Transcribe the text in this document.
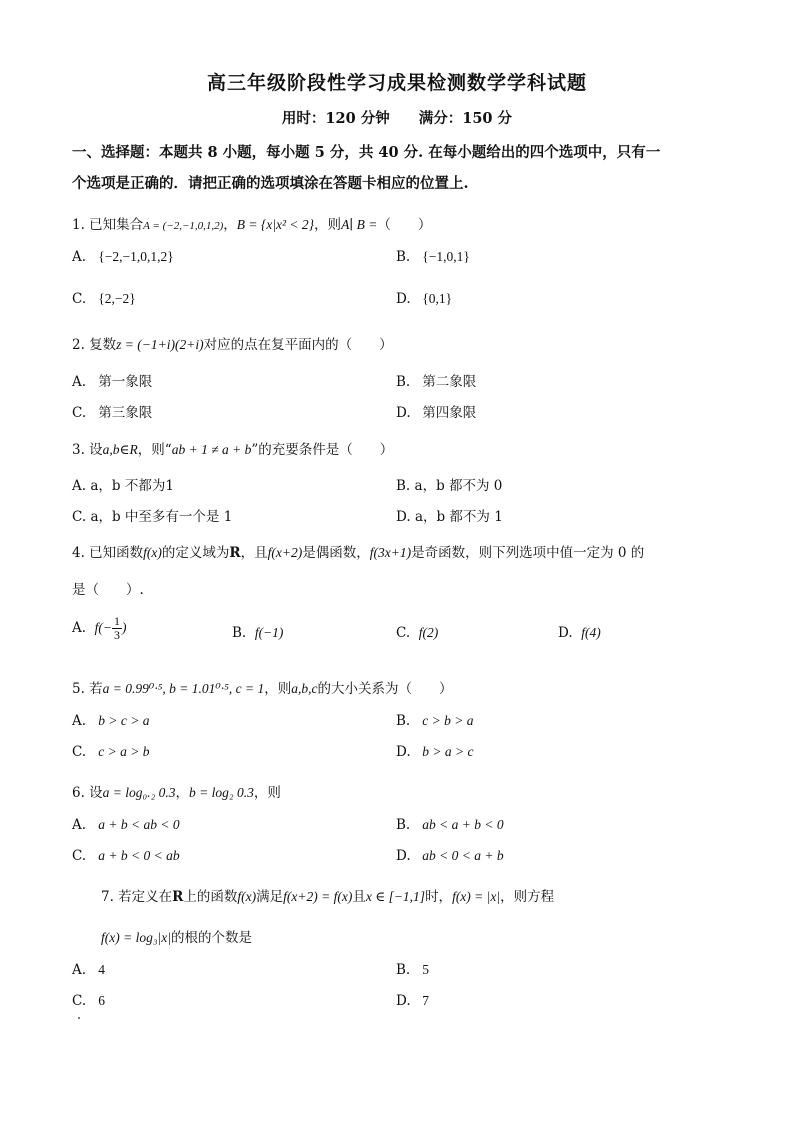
高三年级阶段性学习成果检测数学学科试题
用时：120 分钟　　满分：150 分
一、选择题：本题共 8 小题，每小题 5 分，共 40 分. 在每小题给出的四个选项中，只有一
个选项是正确的．请把正确的选项填涂在答题卡相应的位置上.
1. 已知集合A = (−2,−1,0,1,2)，B = {x|x² < 2}，则A∣ B =（　　）
A. {−2,−1,0,1,2}	B. {−1,0,1}
C. {2,−2}	D. {0,1}
2. 复数z = (−1+i)(2+i)对应的点在复平面内的（　　）
A. 第一象限	B. 第二象限
C. 第三象限	D. 第四象限
3. 设a,b∈R，则“ab + 1 ≠ a + b”的充要条件是（　　）
A. a，b 不都为1	B. a，b 都不为 0
C. a，b 中至多有一个是 1	D. a，b 都不为 1
4. 已知函数f(x)的定义域为R，且f(x+2)是偶函数，f(3x+1)是奇函数，则下列选项中值一定为 0 的
是（　　）.
A. $f(- \frac{1}{3}$ )	B. f(−1)	C. f(2)	D. f(4)
5. 若a = 0.99⁰·⁵, b = 1.01⁰·⁵, c = 1，则a,b,c的大小关系为（　　）
A. b > c > a	B. c > b > a
C. c > a > b	D. b > a > c
6. 设a = log₀.₂ 0.3，b = log₂ 0.3，则
A. a + b < ab < 0	B. ab < a + b < 0
C. a + b < 0 < ab	D. ab < 0 < a + b
7. 若定义在R上的函数f(x)满足f(x+2) = f(x)且x ∈ [−1,1]时，f(x) = |x|，则方程
f(x) = log₃|x|的根的个数是
A. 4	B. 5
C. 6	D. 7
